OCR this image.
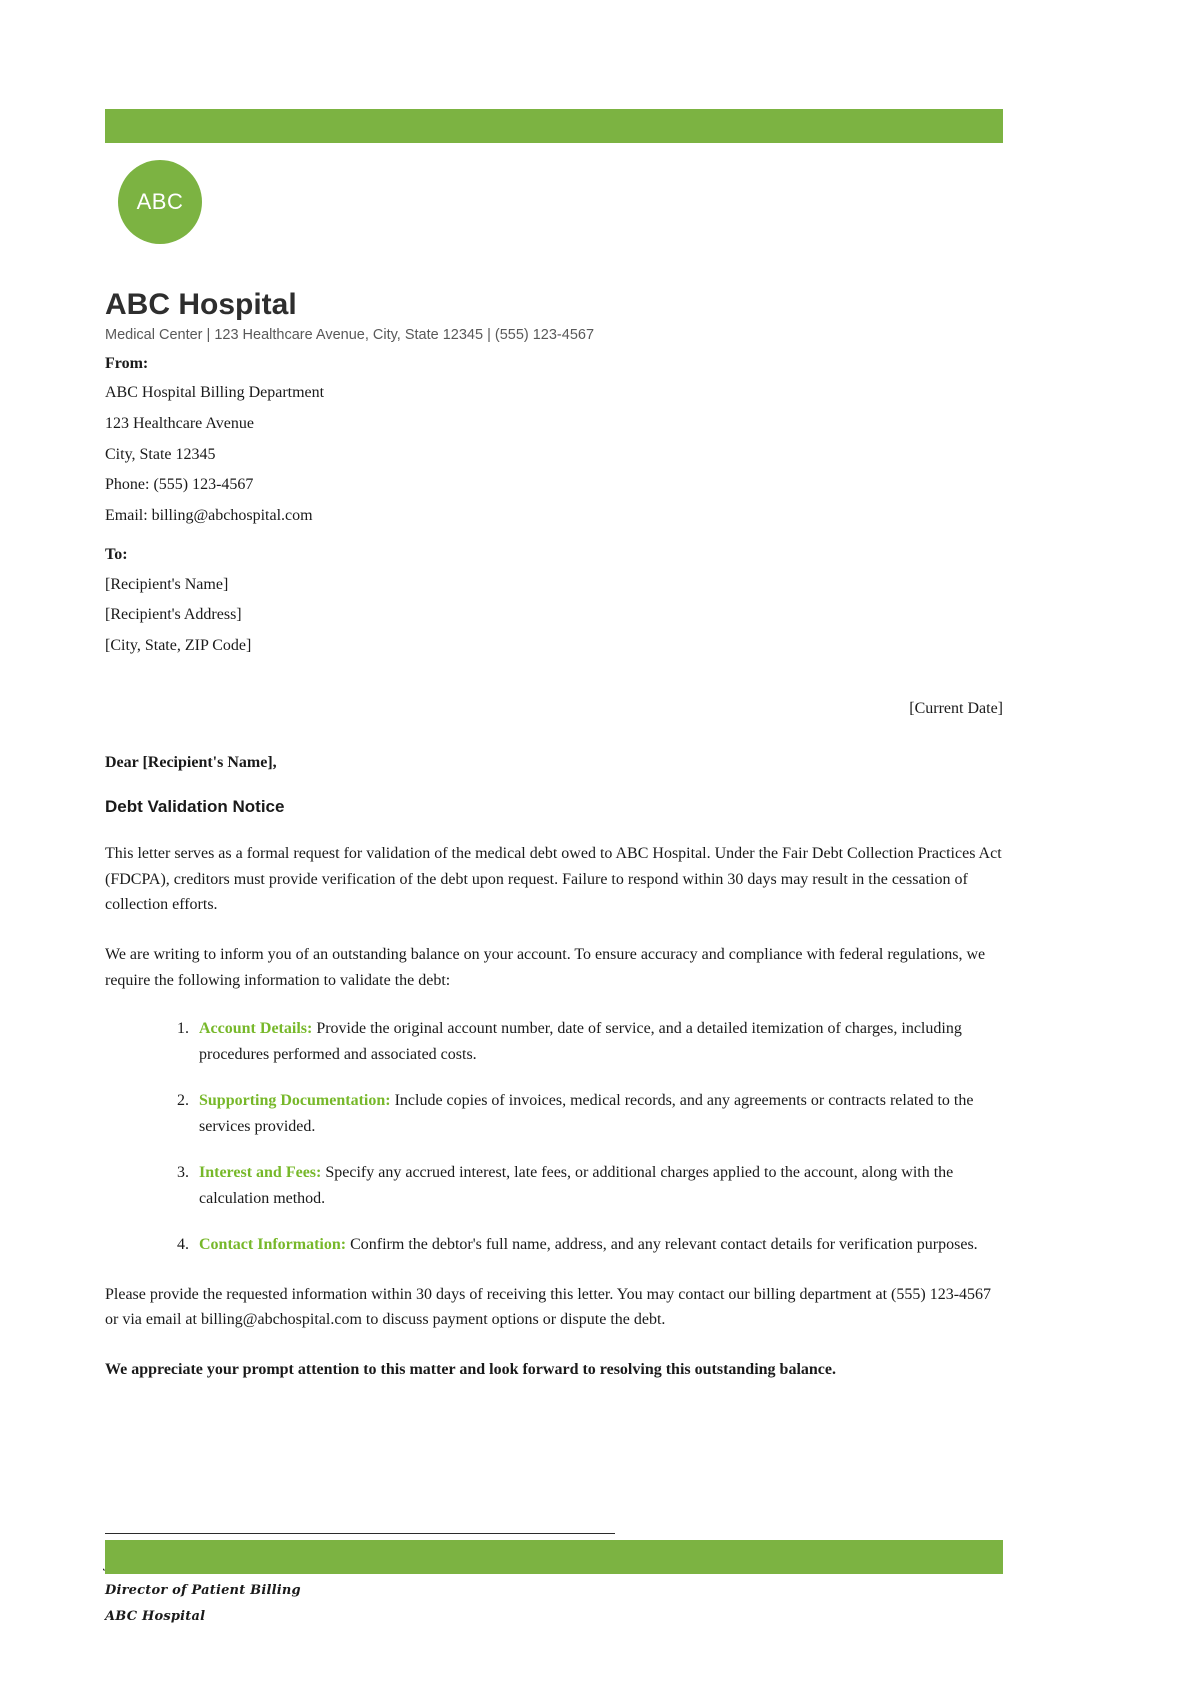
ABC
ABC Hospital
Medical Center | 123 Healthcare Avenue, City, State 12345 | (555) 123-4567
From:
ABC Hospital Billing Department
123 Healthcare Avenue
City, State 12345
Phone: (555) 123-4567
Email: billing@abchospital.com
To:
[Recipient's Name]
[Recipient's Address]
[City, State, ZIP Code]
[Current Date]
Dear [Recipient's Name],
Debt Validation Notice

This letter serves as a formal request for validation of the medical debt owed to ABC Hospital. Under the Fair Debt Collection Practices Act (FDCPA), creditors must provide verification of the debt upon request. Failure to respond within 30 days may result in the cessation of collection efforts.

We are writing to inform you of an outstanding balance on your account. To ensure accuracy and compliance with federal regulations, we require the following information to validate the debt:

1. Account Details: Provide the original account number, date of service, and a detailed itemization of charges, including procedures performed and associated costs.
2. Supporting Documentation: Include copies of invoices, medical records, and any agreements or contracts related to the services provided.
3. Interest and Fees: Specify any accrued interest, late fees, or additional charges applied to the account, along with the calculation method.
4. Contact Information: Confirm the debtor's full name, address, and any relevant contact details for verification purposes.

Please provide the requested information within 30 days of receiving this letter. You may contact our billing department at (555) 123-4567 or via email at billing@abchospital.com to discuss payment options or dispute the debt.

We appreciate your prompt attention to this matter and look forward to resolving this outstanding balance.

Director of Patient Billing
ABC Hospital
